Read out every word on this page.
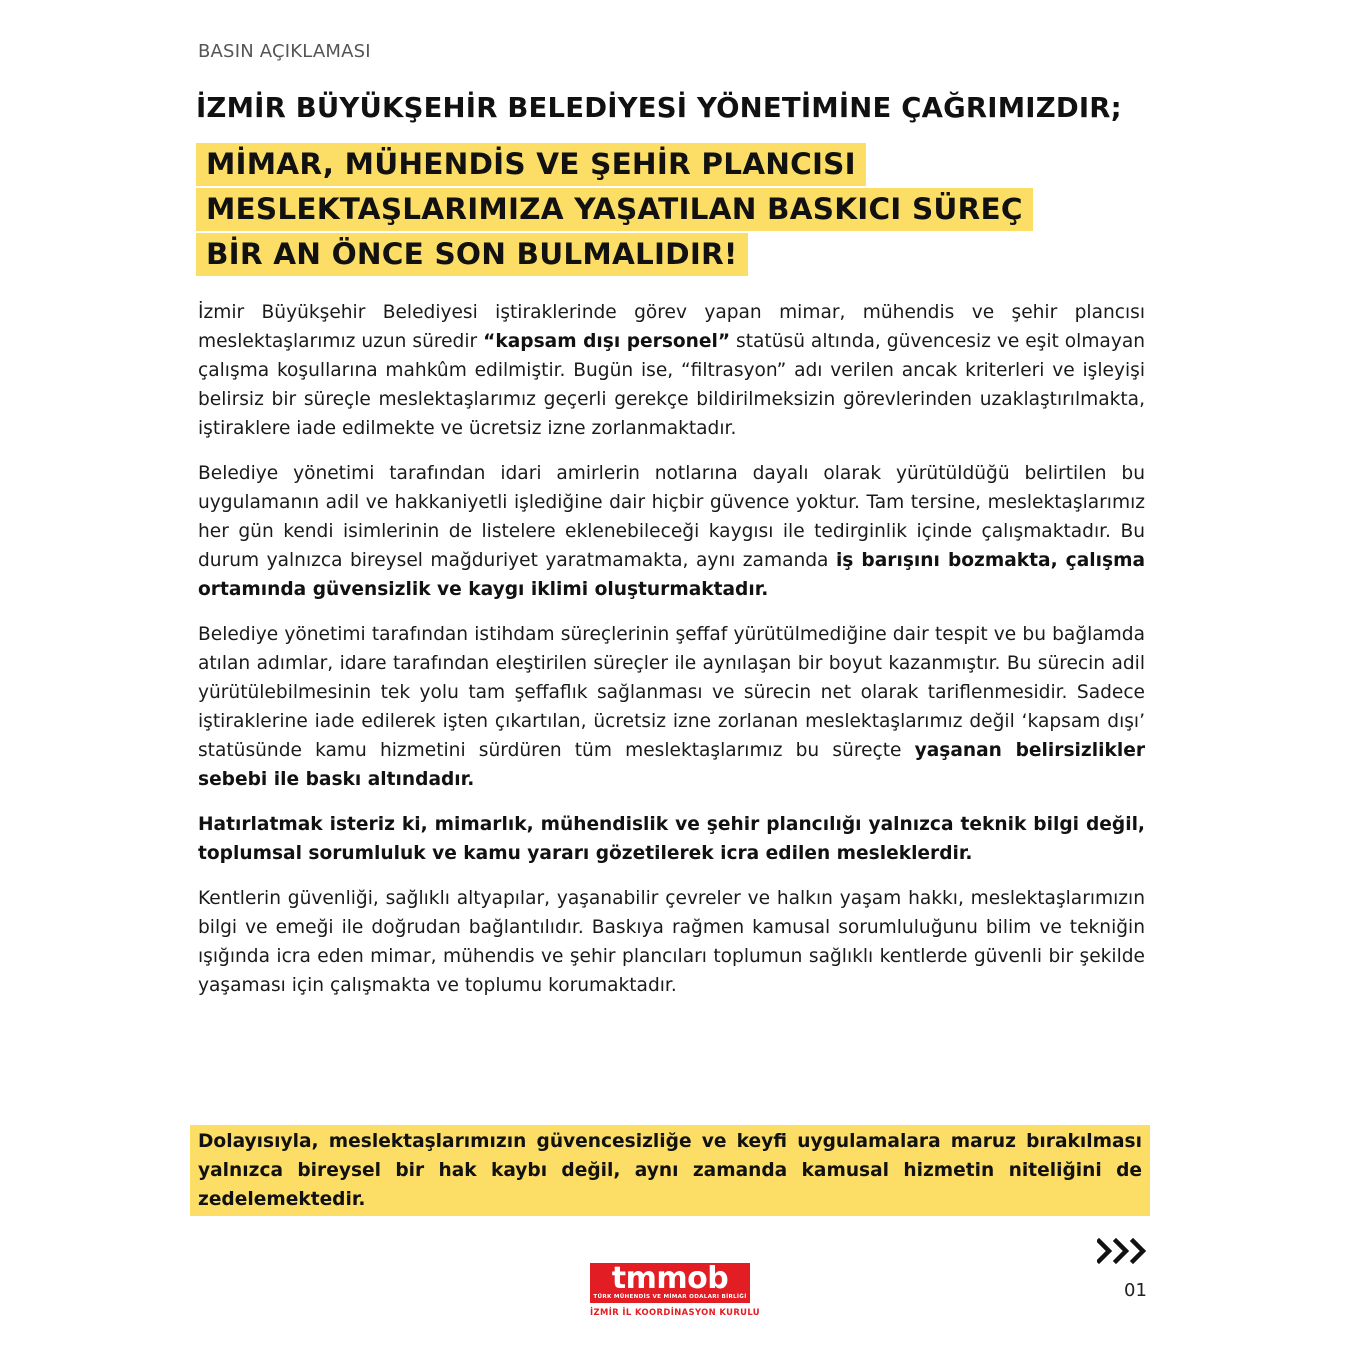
BASIN AÇIKLAMASI
İZMİR BÜYÜKŞEHİR BELEDİYESİ YÖNETİMİNE ÇAĞRIMIZDIR;
MİMAR, MÜHENDİS VE ŞEHİR PLANCISI
MESLEKTAŞLARIMIZA YAŞATILAN BASKICI SÜREÇ
BİR AN ÖNCE SON BULMALIDIR!

İzmir Büyükşehir Belediyesi iştiraklerinde görev yapan mimar, mühendis ve şehir plancısı meslektaşlarımız uzun süredir “kapsam dışı personel” statüsü altında, güvencesiz ve eşit olmayan çalışma koşullarına mahkûm edilmiştir. Bugün ise, “filtrasyon” adı verilen ancak kriterleri ve işleyişi belirsiz bir süreçle meslektaşlarımız geçerli gerekçe bildirilmeksizin görevlerinden uzaklaştırılmakta, iştiraklere iade edilmekte ve ücretsiz izne zorlanmaktadır.

Belediye yönetimi tarafından idari amirlerin notlarına dayalı olarak yürütüldüğü belirtilen bu uygulamanın adil ve hakkaniyetli işlediğine dair hiçbir güvence yoktur. Tam tersine, meslektaşlarımız her gün kendi isimlerinin de listelere eklenebileceği kaygısı ile tedirginlik içinde çalışmaktadır. Bu durum yalnızca bireysel mağduriyet yaratmamakta, aynı zamanda iş barışını bozmakta, çalışma ortamında güvensizlik ve kaygı iklimi oluşturmaktadır.

Belediye yönetimi tarafından istihdam süreçlerinin şeffaf yürütülmediğine dair tespit ve bu bağlamda atılan adımlar, idare tarafından eleştirilen süreçler ile aynılaşan bir boyut kazanmıştır. Bu sürecin adil yürütülebilmesinin tek yolu tam şeffaflık sağlanması ve sürecin net olarak tariflenmesidir. Sadece iştiraklerine iade edilerek işten çıkartılan, ücretsiz izne zorlanan meslektaşlarımız değil ‘kapsam dışı’ statüsünde kamu hizmetini sürdüren tüm meslektaşlarımız bu süreçte yaşanan belirsizlikler sebebi ile baskı altındadır.

Hatırlatmak isteriz ki, mimarlık, mühendislik ve şehir plancılığı yalnızca teknik bilgi değil, toplumsal sorumluluk ve kamu yararı gözetilerek icra edilen mesleklerdir.

Kentlerin güvenliği, sağlıklı altyapılar, yaşanabilir çevreler ve halkın yaşam hakkı, meslektaşlarımızın bilgi ve emeği ile doğrudan bağlantılıdır. Baskıya rağmen kamusal sorumluluğunu bilim ve tekniğin ışığında icra eden mimar, mühendis ve şehir plancıları toplumun sağlıklı kentlerde güvenli bir şekilde yaşaması için çalışmakta ve toplumu korumaktadır.

Dolayısıyla, meslektaşlarımızın güvencesizliğe ve keyfi uygulamalara maruz bırakılması yalnızca bireysel bir hak kaybı değil, aynı zamanda kamusal hizmetin niteliğini de zedelemektedir.
tmmob
TÜRK MÜHENDİS VE MİMAR ODALARI BİRLİĞİ
İZMİR İL KOORDİNASYON KURULU
01
